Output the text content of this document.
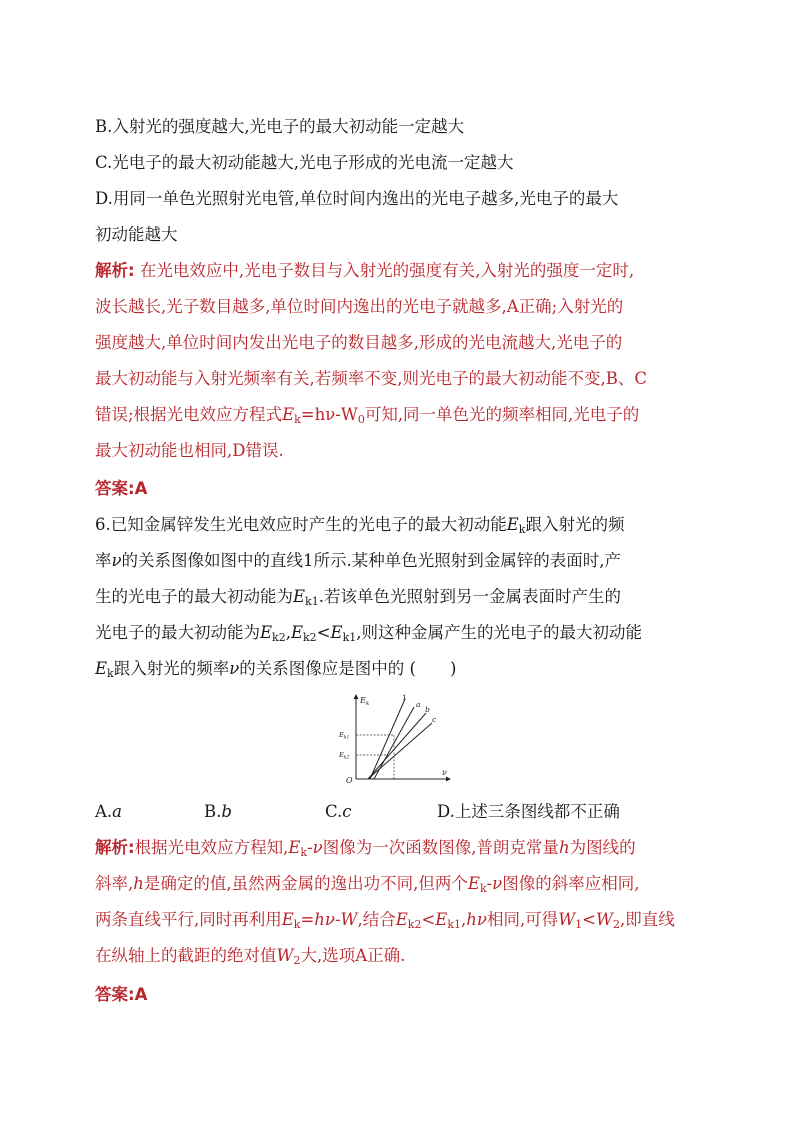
B.入射光的强度越大,光电子的最大初动能一定越大
C.光电子的最大初动能越大,光电子形成的光电流一定越大
D.用同一单色光照射光电管,单位时间内逸出的光电子越多,光电子的最大
初动能越大
解析: 在光电效应中,光电子数目与入射光的强度有关,入射光的强度一定时,
波长越长,光子数目越多,单位时间内逸出的光电子就越多,A正确;入射光的
强度越大,单位时间内发出光电子的数目越多,形成的光电流越大,光电子的
最大初动能与入射光频率有关,若频率不变,则光电子的最大初动能不变,B、C
错误;根据光电效应方程式$E_k=h\nu-W_0$可知,同一单色光的频率相同,光电子的
最大初动能也相同,D错误.
答案:A
6.已知金属锌发生光电效应时产生的光电子的最大初动能$E_k$跟入射光的频
率ν的关系图像如图中的直线1所示.某种单色光照射到金属锌的表面时,产
生的光电子的最大初动能为$E_{k1}$.若该单色光照射到另一金属表面时产生的
光电子的最大初动能为$E_{k2},E_{k2}<E_{k1}$,则这种金属产生的光电子的最大初动能
$E_k$跟入射光的频率ν的关系图像应是图中的 ( )
$E_k$
ν
O
$E_{k1}$
$E_{k2}$
1
a
b
c
A.a	B.b	C.c	D.上述三条图线都不正确
解析:根据光电效应方程知$,E_k-\nu$图像为一次函数图像,普朗克常量h为图线的
斜率,h是确定的值,虽然两金属的逸出功不同,但两个$E_k-\nu$图像的斜率应相同,
两条直线平行,同时再利用$E_k=h\nu-W$,结合$E_{k2}<E_{k1},h\nu$相同,可得$W_1<W_2$,即直线
在纵轴上的截距的绝对值$W_2$大,选项A正确.
答案:A
